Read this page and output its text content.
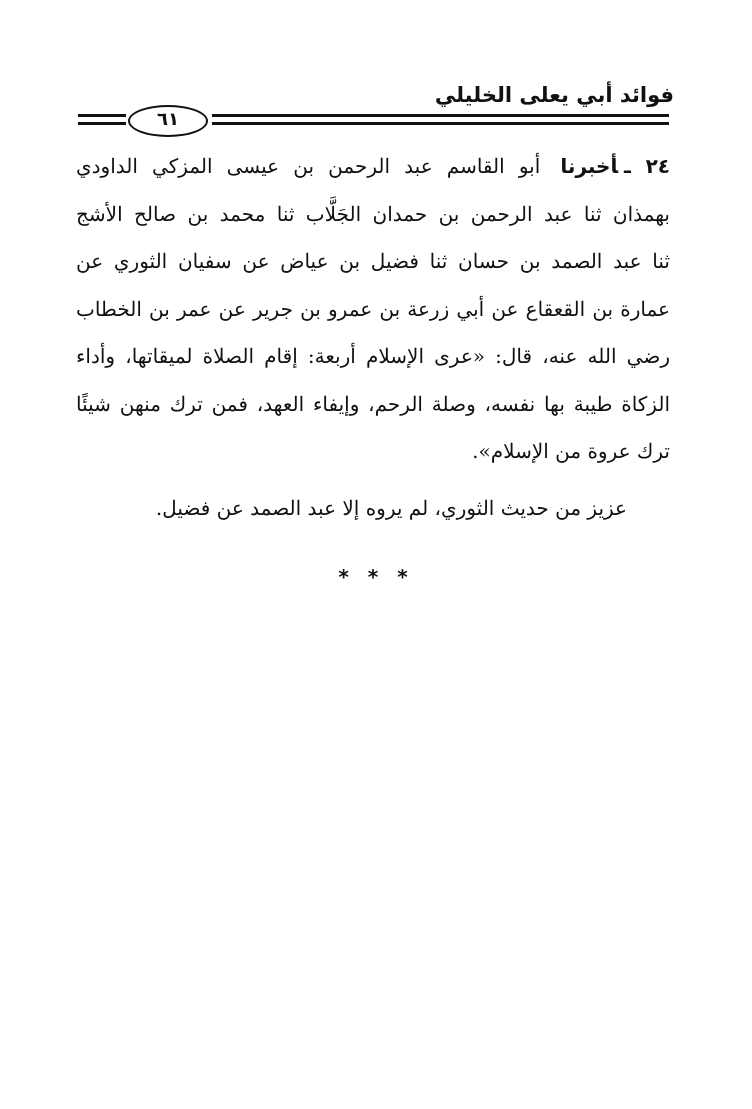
فوائد أبي يعلى الخليلي
٦١
٢٤ ـأخبرنا أبو القاسم عبد الرحمن بن عيسى المزكي الداودي
بهمذان ثنا عبد الرحمن بن حمدان الجَلَّاب ثنا محمد بن صالح الأشج
ثنا عبد الصمد بن حسان ثنا فضيل بن عياض عن سفيان الثوري عن
عمارة بن القعقاع عن أبي زرعة بن عمرو بن جرير عن عمر بن الخطاب
رضي الله عنه، قال: «عرى الإسلام أربعة: إقام الصلاة لميقاتها، وأداء
الزكاة طيبة بها نفسه، وصلة الرحم، وإيفاء العهد، فمن ترك منهن شيئًا
ترك عروة من الإسلام».

عزيز من حديث الثوري، لم يروه إلا عبد الصمد عن فضيل.

* * *
